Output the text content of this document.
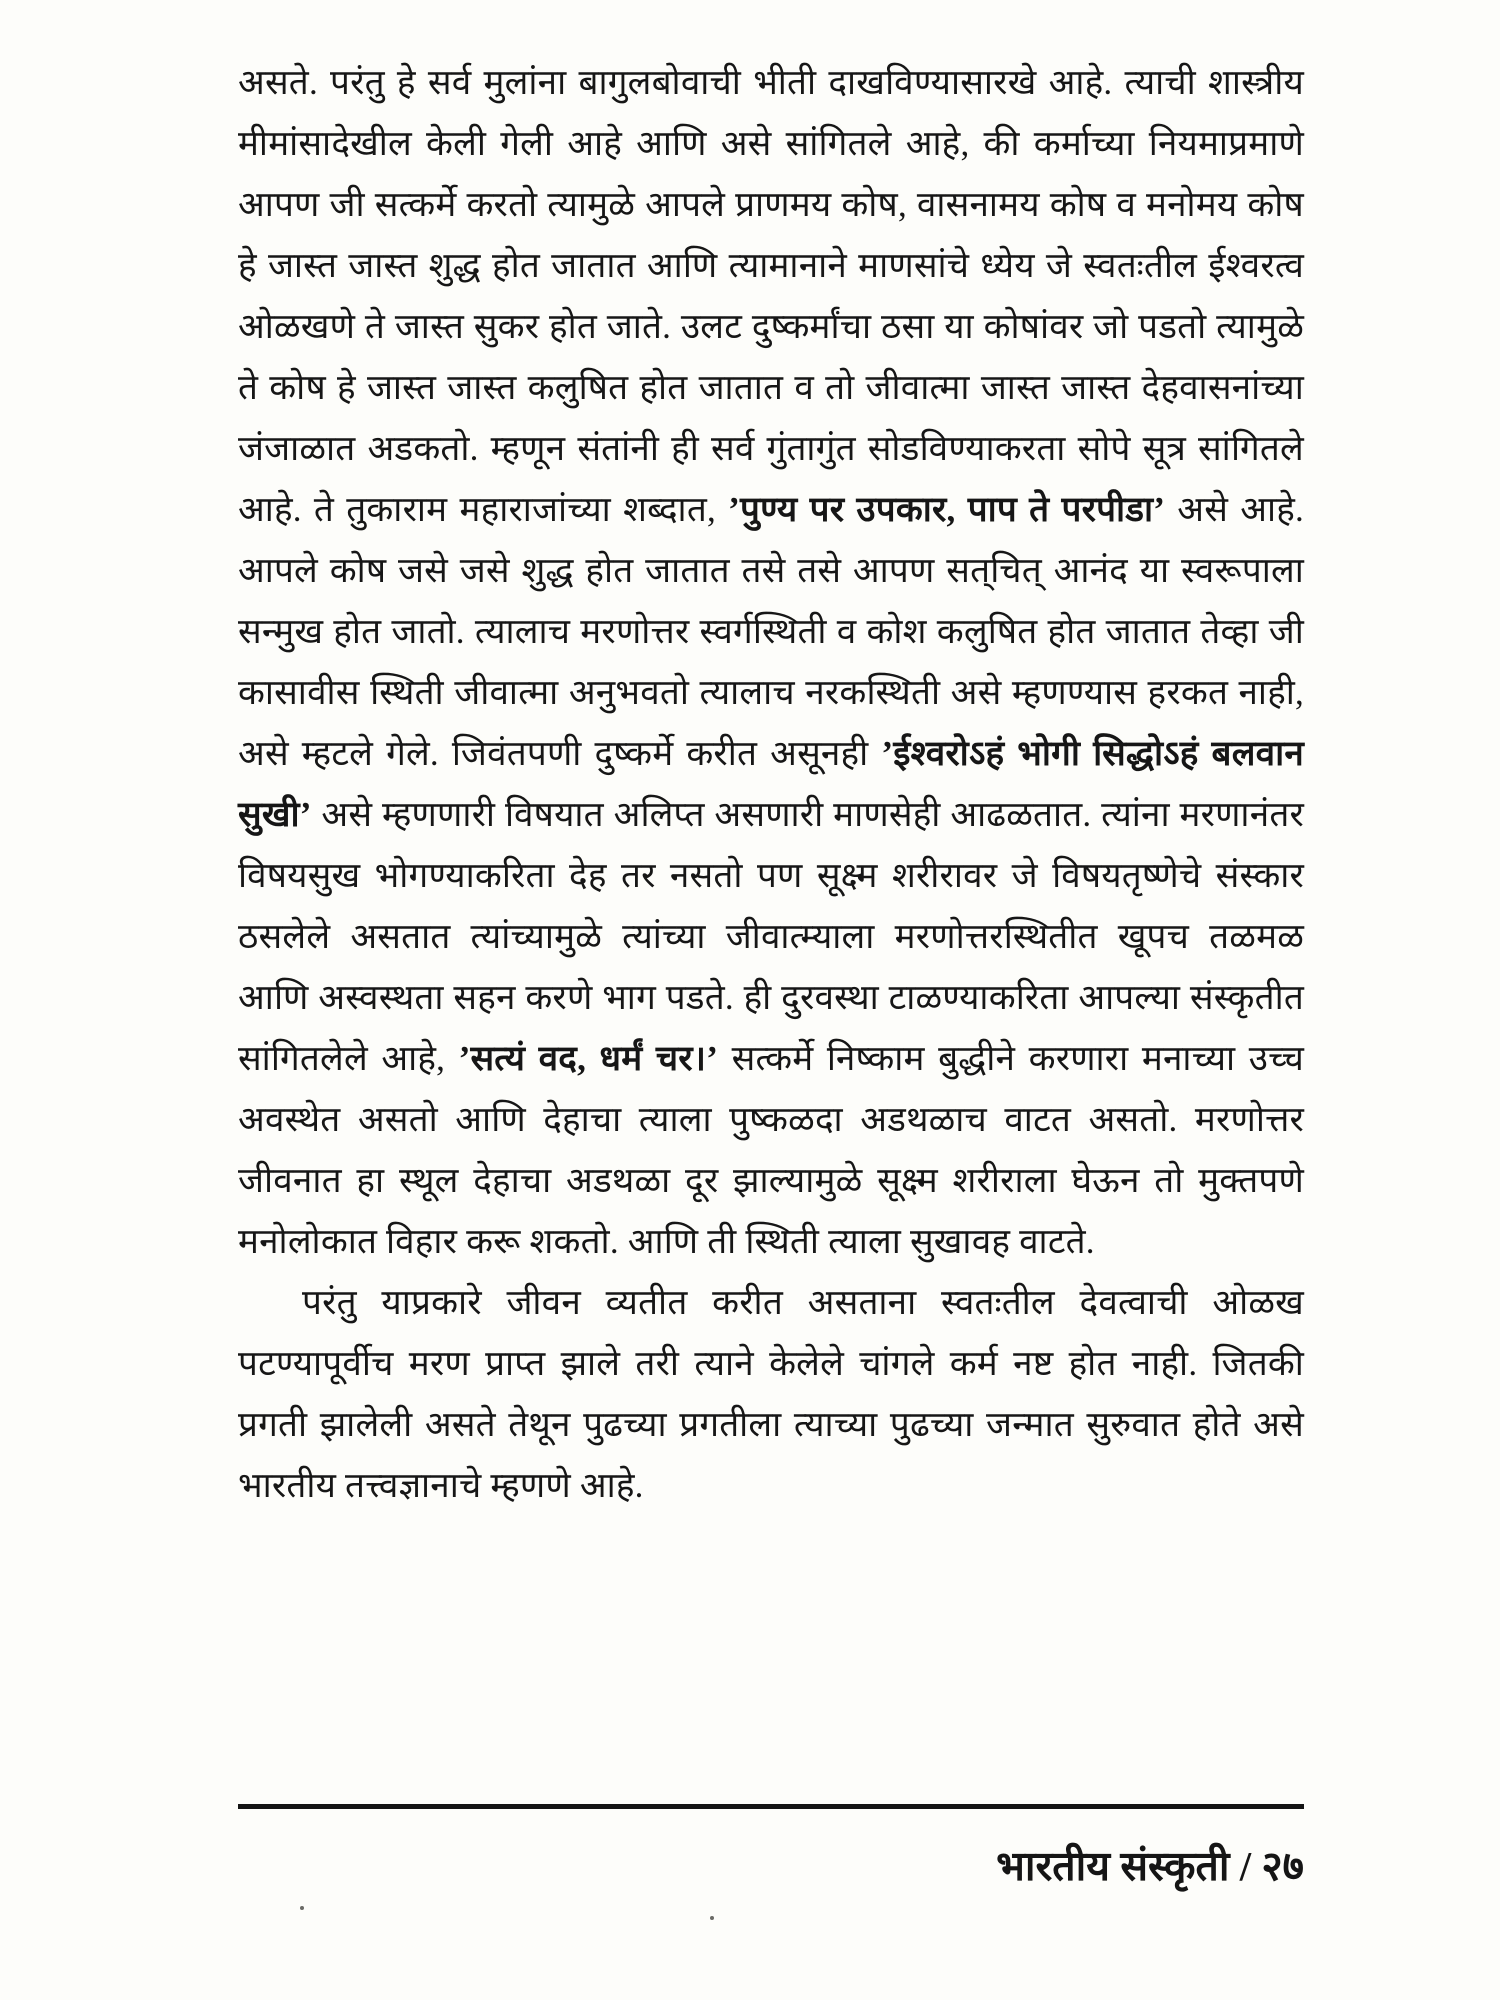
असते. परंतु हे सर्व मुलांना बागुलबोवाची भीती दाखविण्यासारखे आहे. त्याची शास्त्रीय मीमांसादेखील केली गेली आहे आणि असे सांगितले आहे, की कर्माच्या नियमाप्रमाणे आपण जी सत्कर्मे करतो त्यामुळे आपले प्राणमय कोष, वासनामय कोष व मनोमय कोष हे जास्त जास्त शुद्ध होत जातात आणि त्यामानाने माणसांचे ध्येय जे स्वतःतील ईश्वरत्व ओळखणे ते जास्त सुकर होत जाते. उलट दुष्कर्मांचा ठसा या कोषांवर जो पडतो त्यामुळे ते कोष हे जास्त जास्त कलुषित होत जातात व तो जीवात्मा जास्त जास्त देहवासनांच्या जंजाळात अडकतो. म्हणून संतांनी ही सर्व गुंतागुंत सोडविण्याकरता सोपे सूत्र सांगितले आहे. ते तुकाराम महाराजांच्या शब्दात, ’पुण्य पर उपकार, पाप ते परपीडा’ असे आहे. आपले कोष जसे जसे शुद्ध होत जातात तसे तसे आपण सत्‌चित्‌ आनंद या स्वरूपाला सन्मुख होत जातो. त्यालाच मरणोत्तर स्वर्गस्थिती व कोश कलुषित होत जातात तेव्हा जी कासावीस स्थिती जीवात्मा अनुभवतो त्यालाच नरकस्थिती असे म्हणण्यास हरकत नाही, असे म्हटले गेले. जिवंतपणी दुष्कर्मे करीत असूनही ’ईश्वरोऽहं भोगी सिद्धोऽहं बलवान सुखी’ असे म्हणणारी विषयात अलिप्त असणारी माणसेही आढळतात. त्यांना मरणानंतर विषयसुख भोगण्याकरिता देह तर नसतो पण सूक्ष्म शरीरावर जे विषयतृष्णेचे संस्कार ठसलेले असतात त्यांच्यामुळे त्यांच्या जीवात्म्याला मरणोत्तरस्थितीत खूपच तळमळ आणि अस्वस्थता सहन करणे भाग पडते. ही दुरवस्था टाळण्याकरिता आपल्या संस्कृतीत सांगितलेले आहे, ’सत्यं वद, धर्मं चर।’ सत्कर्मे निष्काम बुद्धीने करणारा मनाच्या उच्च अवस्थेत असतो आणि देहाचा त्याला पुष्कळदा अडथळाच वाटत असतो. मरणोत्तर जीवनात हा स्थूल देहाचा अडथळा दूर झाल्यामुळे सूक्ष्म शरीराला घेऊन तो मुक्तपणे मनोलोकात विहार करू शकतो. आणि ती स्थिती त्याला सुखावह वाटते.

परंतु याप्रकारे जीवन व्यतीत करीत असताना स्वतःतील देवत्वाची ओळख पटण्यापूर्वीच मरण प्राप्त झाले तरी त्याने केलेले चांगले कर्म नष्ट होत नाही. जितकी प्रगती झालेली असते तेथून पुढच्या प्रगतीला त्याच्या पुढच्या जन्मात सुरुवात होते असे भारतीय तत्त्वज्ञानाचे म्हणणे आहे.

भारतीय संस्कृती / २७
